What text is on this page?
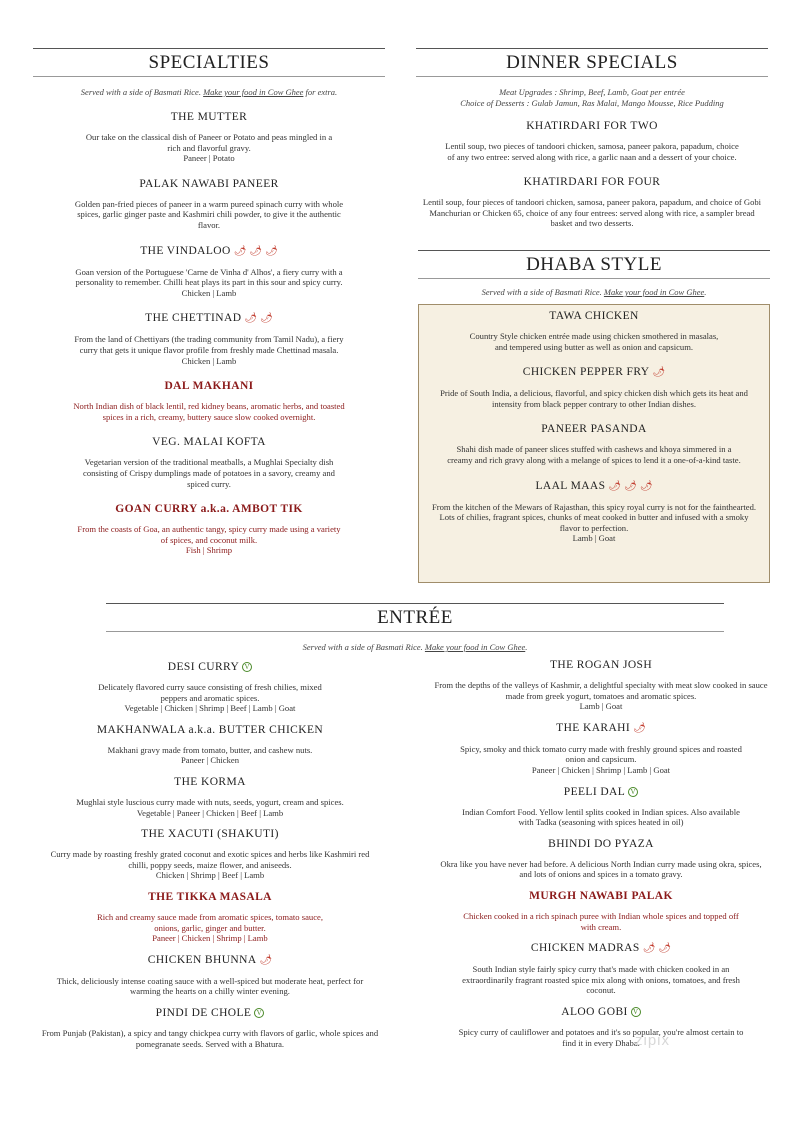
SPECIALTIES
Served with a side of Basmati Rice. Make your food in Cow Ghee for extra.
THE MUTTER
Our take on the classical dish of Paneer or Potato and peas mingled in a rich and flavorful gravy.
Paneer | Potato
PALAK NAWABI PANEER
Golden pan-fried pieces of paneer in a warm pureed spinach curry with whole spices, garlic ginger paste and Kashmiri chili powder, to give it the authentic flavor.
THE VINDALOO 🌶 🌶 🌶
Goan version of the Portuguese 'Carne de Vinha d' Alhos', a fiery curry with a personality to remember. Chilli heat plays its part in this sour and spicy curry.
Chicken | Lamb
THE CHETTINAD 🌶 🌶
From the land of Chettiyars (the trading community from Tamil Nadu), a fiery curry that gets it unique flavor profile from freshly made Chettinad masala.
Chicken | Lamb
DAL MAKHANI
North Indian dish of black lentil, red kidney beans, aromatic herbs, and toasted spices in a rich, creamy, buttery sauce slow cooked overnight.
VEG. MALAI KOFTA
Vegetarian version of the traditional meatballs, a Mughlai Specialty dish consisting of Crispy dumplings made of potatoes in a savory, creamy and spiced curry.
GOAN CURRY a.k.a. AMBOT TIK
From the coasts of Goa, an authentic tangy, spicy curry made using a variety of spices, and coconut milk.
Fish | Shrimp
DINNER SPECIALS
Meat Upgrades : Shrimp, Beef, Lamb, Goat per entrée
Choice of Desserts : Gulab Jamun, Ras Malai, Mango Mousse, Rice Pudding
KHATIRDARI FOR TWO
Lentil soup, two pieces of tandoori chicken, samosa, paneer pakora, papadum, choice of any two entree: served along with rice, a garlic naan and a dessert of your choice.
KHATIRDARI FOR FOUR
Lentil soup, four pieces of tandoori chicken, samosa, paneer pakora, papadum, and choice of Gobi Manchurian or Chicken 65, choice of any four entrees: served along with rice, a sampler bread basket and two desserts.
DHABA STYLE
Served with a side of Basmati Rice. Make your food in Cow Ghee.
TAWA CHICKEN
Country Style chicken entrée made using chicken smothered in masalas, and tempered using butter as well as onion and capsicum.
CHICKEN PEPPER FRY 🌶
Pride of South India, a delicious, flavorful, and spicy chicken dish which gets its heat and intensity from black pepper contrary to other Indian dishes.
PANEER PASANDA
Shahi dish made of paneer slices stuffed with cashews and khoya simmered in a creamy and rich gravy along with a melange of spices to lend it a one-of-a-kind taste.
LAAL MAAS 🌶 🌶 🌶
From the kitchen of the Mewars of Rajasthan, this spicy royal curry is not for the fainthearted. Lots of chilies, fragrant spices, chunks of meat cooked in butter and infused with a smoky flavor to perfection.
Lamb | Goat
ENTRÉE
Served with a side of Basmati Rice. Make your food in Cow Ghee.
DESI CURRY V
Delicately flavored curry sauce consisting of fresh chilies, mixed peppers and aromatic spices.
Vegetable | Chicken | Shrimp | Beef | Lamb | Goat
MAKHANWALA a.k.a. BUTTER CHICKEN
Makhani gravy made from tomato, butter, and cashew nuts.
Paneer | Chicken
THE KORMA
Mughlai style luscious curry made with nuts, seeds, yogurt, cream and spices.
Vegetable | Paneer | Chicken | Beef | Lamb
THE XACUTI (SHAKUTI)
Curry made by roasting freshly grated coconut and exotic spices and herbs like Kashmiri red chilli, poppy seeds, maize flower, and aniseeds.
Chicken | Shrimp | Beef | Lamb
THE TIKKA MASALA
Rich and creamy sauce made from aromatic spices, tomato sauce, onions, garlic, ginger and butter.
Paneer | Chicken | Shrimp | Lamb
CHICKEN BHUNNA 🌶
Thick, deliciously intense coating sauce with a well-spiced but moderate heat, perfect for warming the hearts on a chilly winter evening.
PINDI DE CHOLE V
From Punjab (Pakistan), a spicy and tangy chickpea curry with flavors of garlic, whole spices and pomegranate seeds. Served with a Bhatura.
THE ROGAN JOSH
From the depths of the valleys of Kashmir, a delightful specialty with meat slow cooked in sauce made from greek yogurt, tomatoes and aromatic spices.
Lamb | Goat
THE KARAHI 🌶
Spicy, smoky and thick tomato curry made with freshly ground spices and roasted onion and capsicum.
Paneer | Chicken | Shrimp | Lamb | Goat
PEELI DAL V
Indian Comfort Food. Yellow lentil splits cooked in Indian spices. Also available with Tadka (seasoning with spices heated in oil)
BHINDI DO PYAZA
Okra like you have never had before. A delicious North Indian curry made using okra, spices, and lots of onions and spices in a tomato gravy.
MURGH NAWABI PALAK
Chicken cooked in a rich spinach puree with Indian whole spices and topped off with cream.
CHICKEN MADRAS 🌶 🌶
South Indian style fairly spicy curry that's made with chicken cooked in an extraordinarily fragrant roasted spice mix along with onions, tomatoes, and fresh coconut.
ALOO GOBI V
Spicy curry of cauliflower and potatoes and it's so popular, you're almost certain to find it in every Dhaba.
zipix
